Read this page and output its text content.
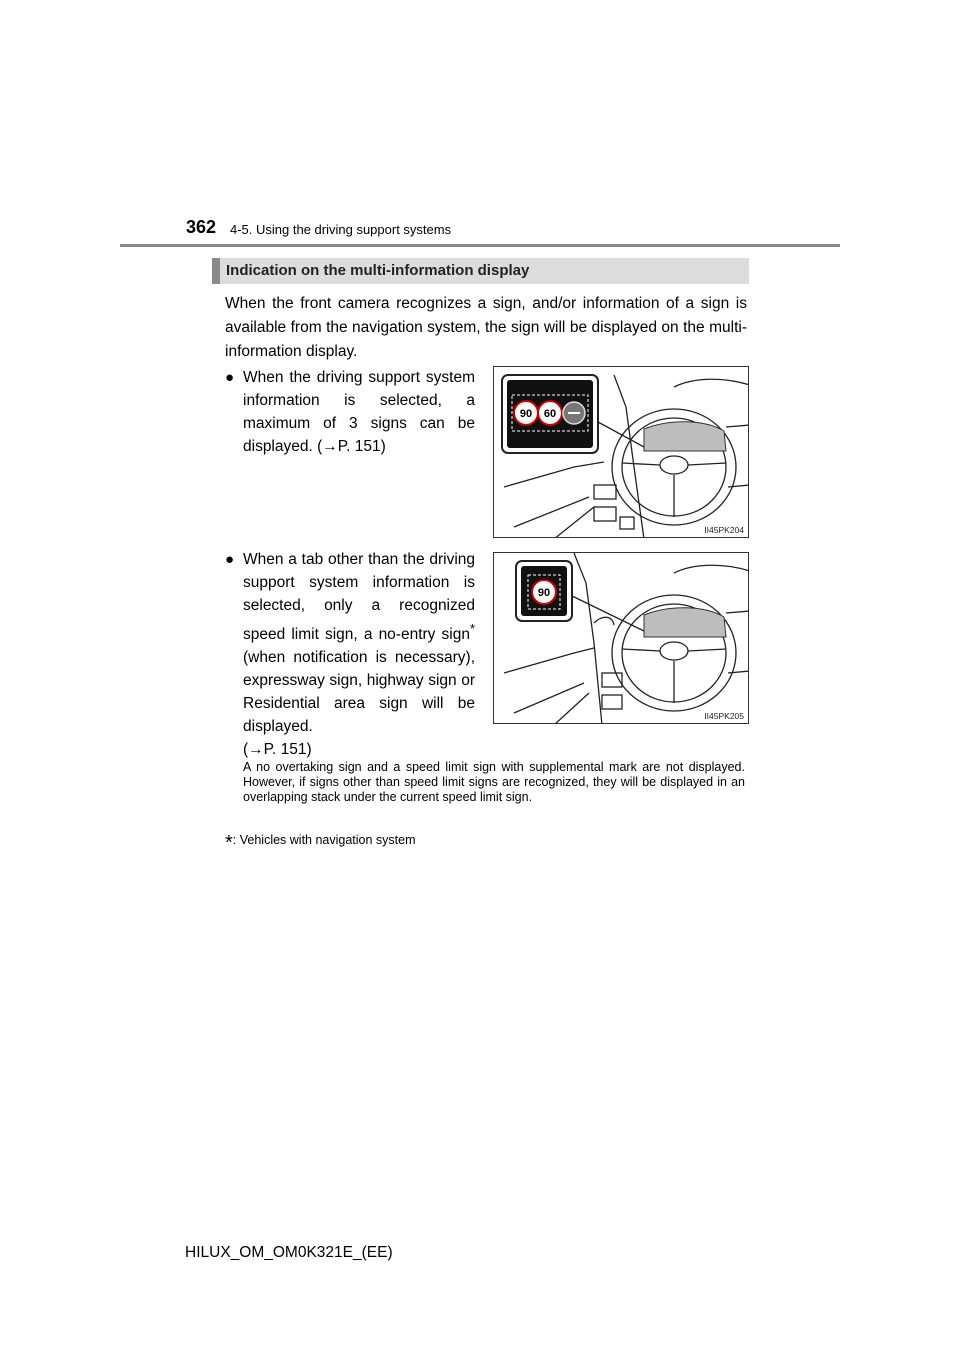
362 4-5. Using the driving support systems
Indication on the multi-information display
When the front camera recognizes a sign, and/or information of a sign is available from the navigation system, the sign will be displayed on the multi-information display.
● When the driving support system information is selected, a maximum of 3 signs can be displayed. (→P. 151)
● When a tab other than the driving support system information is selected, only a recognized speed limit sign, a no-entry sign* (when notification is necessary), expressway sign, highway sign or Residential area sign will be displayed.
(→P. 151)
90 60
II45PK204
90
II45PK205
A no overtaking sign and a speed limit sign with supplemental mark are not displayed. However, if signs other than speed limit signs are recognized, they will be displayed in an overlapping stack under the current speed limit sign.
*: Vehicles with navigation system
HILUX_OM_OM0K321E_(EE)
